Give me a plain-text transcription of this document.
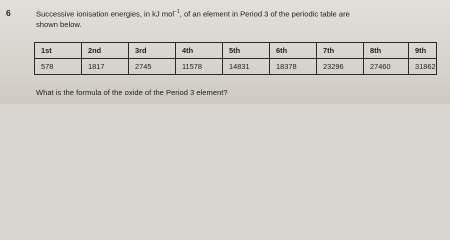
6	Successive ionisation energies, in kJ mol$^{-1}$, of an element in Period 3 of the periodic table are
shown below.
1st	2nd	3rd	4th	5th	6th	7th	8th	9th
578	1817	2745	11578	14831	18378	23296	27460	31862
What is the formula of the oxide of the Period 3 element?
